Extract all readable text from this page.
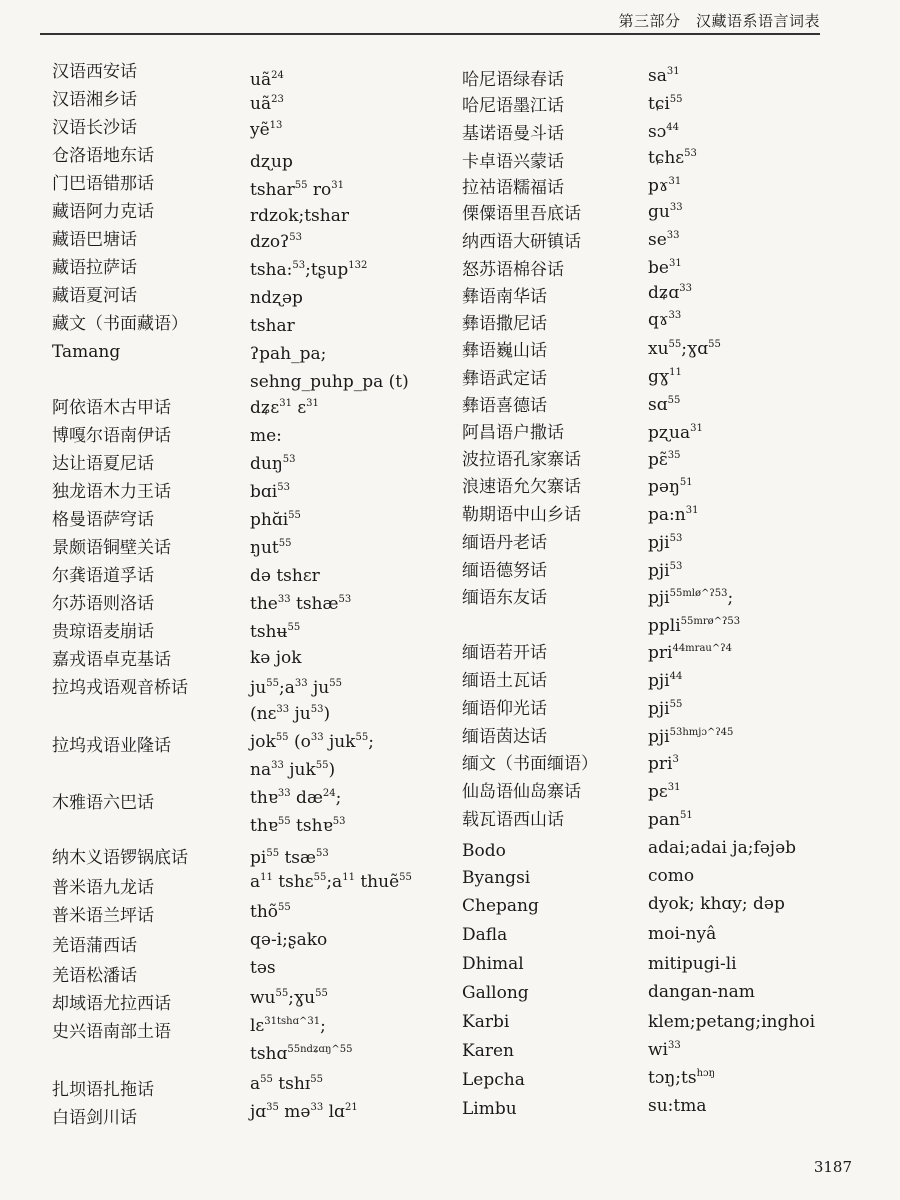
第三部分　汉藏语系语言词表
汉语西安话
汉语湘乡话
汉语长沙话
仓洛语地东话
门巴语错那话
藏语阿力克话
藏语巴塘话
藏语拉萨话
藏语夏河话
藏文（书面藏语）
Tamang
阿依语木古甲话
博嘎尔语南伊话
达让语夏尼话
独龙语木力王话
格曼语萨穹话
景颇语铜壁关话
尔龚语道孚话
尔苏语则洛话
贵琼语麦崩话
嘉戎语卓克基话
拉坞戎语观音桥话
拉坞戎语业隆话
木雅语六巴话
纳木义语锣锅底话
普米语九龙话
普米语兰坪话
羌语蒲西话
羌语松潘话
却域语尤拉西话
史兴语南部土语
扎坝语扎拖话
白语剑川话
$uã^{24}$
$uã^{23}$
yẽ$^{13}$
dʐup
tshar$^{55}$ $ro^{31}$
rdzok;tshar
dzoʔ$^{53}$
tsha:$^{53}$;tʂup$^{132}$
ndʐəp
tshar
ʔpah_pa;
sehng_puhp_pa (t)
dʑɛ$^{31}$ ɛ$^{31}$
me:
duŋ$^{53}$
bɑi$^{53}$
$phɑ̆i^{55}$
ŋut$^{55}$
də tshɛr
the$^{33}$ tshæ$^{53}$
tshʉ$^{55}$
kə jok
$ju^{55};a^{33}$ $ju^{55}$
(nɛ$^{33}$ $ju^{53}$)
jok$^{55}$ ($o^{33}$ juk$^{55}$;
$na^{33}$ juk$^{55}$)
thɐ$^{33}$ $dæ^{24}$;
thɐ$^{55}$ tshɐ$^{53}$
$pi^{55}$ tsæ$^{53}$
$a^{11}$ $tshɛ^{55};a^{11}$ thuẽ$^{55}$
thõ$^{55}$
qə-i;ʂako
təs
$wu^{55};ɣu^{55}$
lɛ$^{31tshɑ\^{}31}$;
tshɑ$^{55ndʑɑŋ\^{}55}$
$a^{55}$ tshɪ$^{55}$
jɑ$^{35}$ mə$^{33}$ lɑ$^{21}$
哈尼语绿春话
哈尼语墨江话
基诺语曼斗话
卡卓语兴蒙话
拉祜语糯福话
傈僳语里吾底话
纳西语大研镇话
怒苏语棉谷话
彝语南华话
彝语撒尼话
彝语巍山话
彝语武定话
彝语喜德话
阿昌语户撒话
波拉语孔家寨话
浪速语允欠寨话
勒期语中山乡话
缅语丹老话
缅语德努话
缅语东友话
缅语若开话
缅语土瓦话
缅语仰光话
缅语茵达话
缅文（书面缅语）
仙岛语仙岛寨话
载瓦语西山话
Bodo
Byangsi
Chepang
Dafla
Dhimal
Gallong
Karbi
Karen
Lepcha
Limbu
$sa^{31}$
tɕi$^{55}$
sɔ$^{44}$
tɕhɛ$^{53}$
pɤ$^{31}$
$gu^{33}$
$se^{33}$
$be^{31}$
dʑɑ$^{33}$
qɤ$^{33}$
$xu^{55};ɣɑ^{55}$
gɣ$^{11}$
sɑ$^{55}$
pʐua$^{31}$
pɛ̃$^{35}$
pəŋ$^{51}$
$pa:n^{31}$
pji$^{53}$
pji$^{53}$
pji$^{55mlø\^{}ʔ53}$;
ppli$^{55mrø\^{}ʔ53}$
pri$^{44mrau\^{}ʔ4}$
pji$^{44}$
pji$^{55}$
pji$^{53hmjɔ\^{}ʔ45}$
pri$^3$
pɛ$^{31}$
pan$^{51}$
adai;adai ja;fəjəb
como
dyok; khɑy; dəp
moi-nyâ
mitipugi-li
dangan-nam
klem;petang;inghoi
$wi^{33}$
$tɔŋ;ts^{hɔŋ}$
su:tma
3187
